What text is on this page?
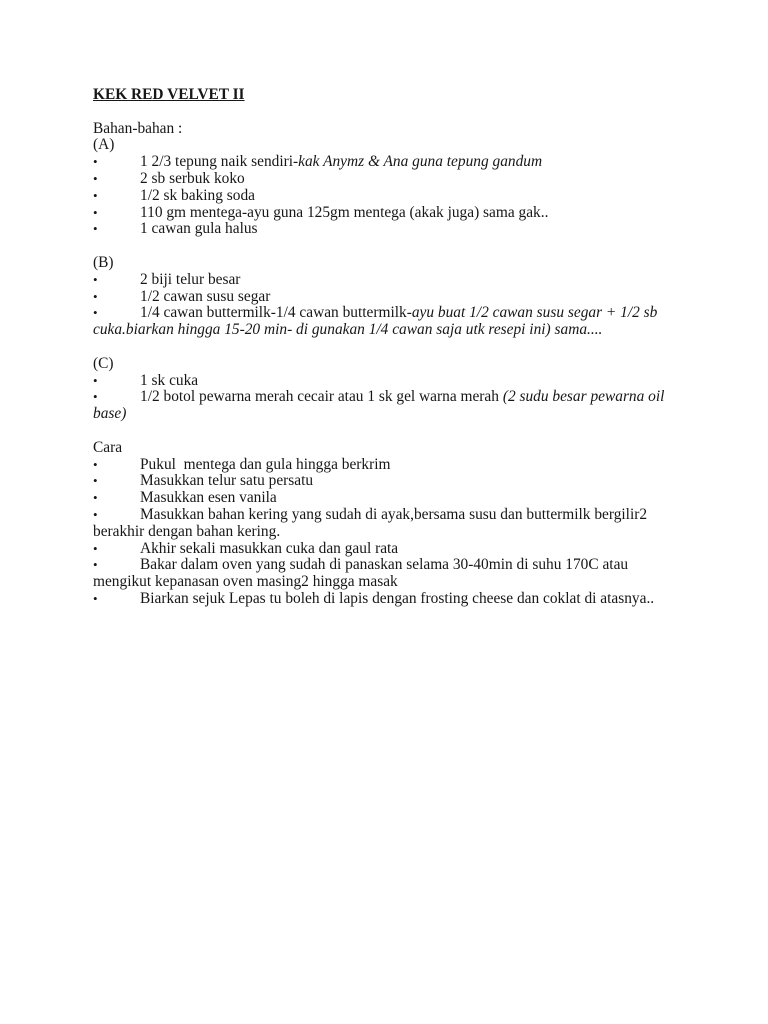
KEK RED VELVET II
Bahan-bahan :
(A)
•	1 2/3 tepung naik sendiri-kak Anymz & Ana guna tepung gandum
•	2 sb serbuk koko
•	1/2 sk baking soda
•	110 gm mentega-ayu guna 125gm mentega (akak juga) sama gak..
•	1 cawan gula halus
(B)
•	2 biji telur besar
•	1/2 cawan susu segar
•	1/4 cawan buttermilk-1/4 cawan buttermilk-ayu buat 1/2 cawan susu segar + 1/2 sb
cuka.biarkan hingga 15-20 min- di gunakan 1/4 cawan saja utk resepi ini) sama....
(C)
•	1 sk cuka
•	1/2 botol pewarna merah cecair atau 1 sk gel warna merah (2 sudu besar pewarna oil
base)
Cara
•	Pukul  mentega dan gula hingga berkrim
•	Masukkan telur satu persatu
•	Masukkan esen vanila
•	Masukkan bahan kering yang sudah di ayak,bersama susu dan buttermilk bergilir2
berakhir dengan bahan kering.
•	Akhir sekali masukkan cuka dan gaul rata
•	Bakar dalam oven yang sudah di panaskan selama 30-40min di suhu 170C atau
mengikut kepanasan oven masing2 hingga masak
•	Biarkan sejuk Lepas tu boleh di lapis dengan frosting cheese dan coklat di atasnya..
